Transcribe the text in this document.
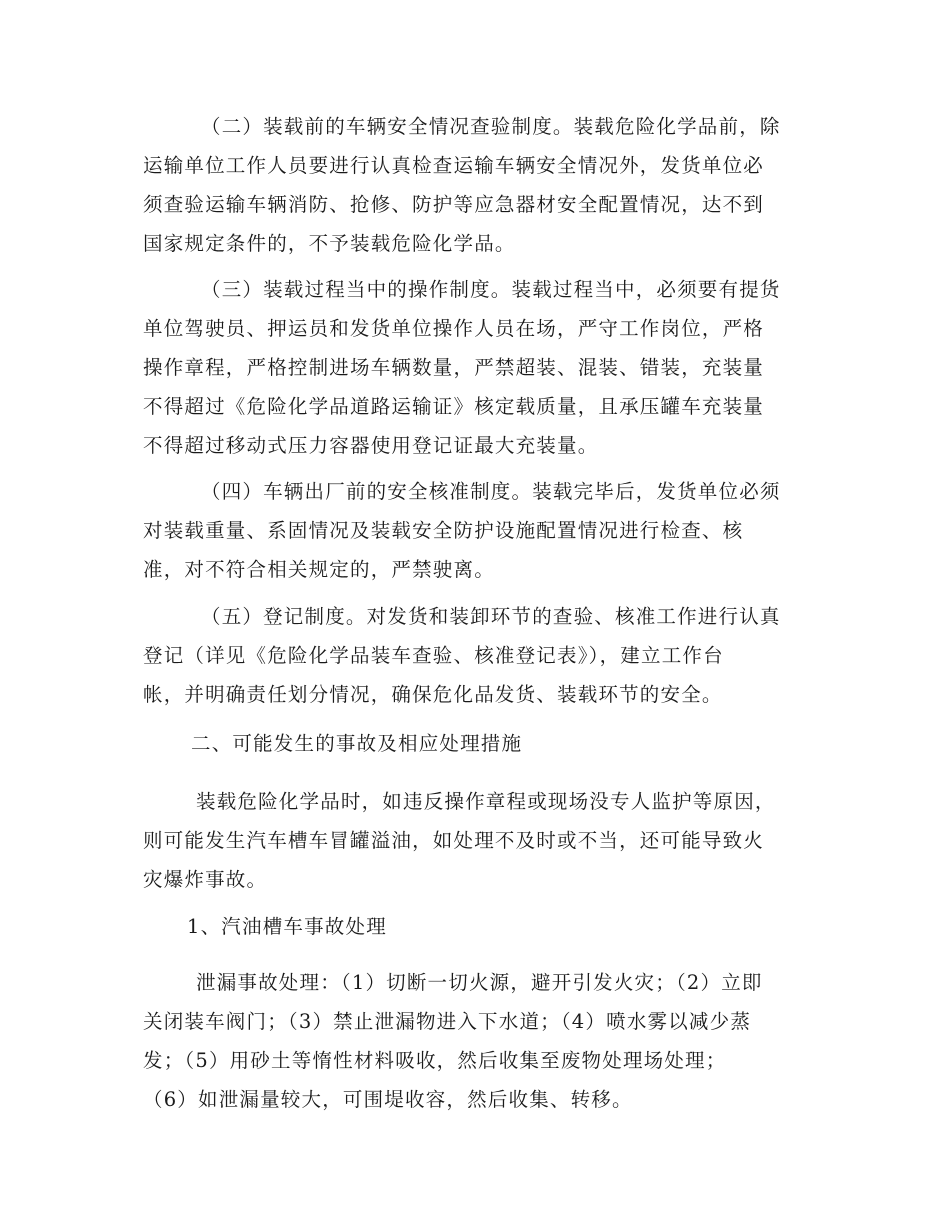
（二）装载前的车辆安全情况查验制度。装载危险化学品前，除
运输单位工作人员要进行认真检查运输车辆安全情况外，发货单位必
须查验运输车辆消防、抢修、防护等应急器材安全配置情况，达不到
国家规定条件的，不予装载危险化学品。
（三）装载过程当中的操作制度。装载过程当中，必须要有提货
单位驾驶员、押运员和发货单位操作人员在场，严守工作岗位，严格
操作章程，严格控制进场车辆数量，严禁超装、混装、错装，充装量
不得超过《危险化学品道路运输证》核定载质量，且承压罐车充装量
不得超过移动式压力容器使用登记证最大充装量。
（四）车辆出厂前的安全核准制度。装载完毕后，发货单位必须
对装载重量、系固情况及装载安全防护设施配置情况进行检查、核
准，对不符合相关规定的，严禁驶离。
（五）登记制度。对发货和装卸环节的查验、核准工作进行认真
登记（详见《危险化学品装车查验、核准登记表》），建立工作台
帐，并明确责任划分情况，确保危化品发货、装载环节的安全。
二、可能发生的事故及相应处理措施
装载危险化学品时，如违反操作章程或现场没专人监护等原因，
则可能发生汽车槽车冒罐溢油，如处理不及时或不当，还可能导致火
灾爆炸事故。
1、汽油槽车事故处理
泄漏事故处理：（1）切断一切火源，避开引发火灾；（2）立即
关闭装车阀门；（3）禁止泄漏物进入下水道；（4）喷水雾以减少蒸
发；（5）用砂土等惰性材料吸收，然后收集至废物处理场处理；
（6）如泄漏量较大，可围堤收容，然后收集、转移。
